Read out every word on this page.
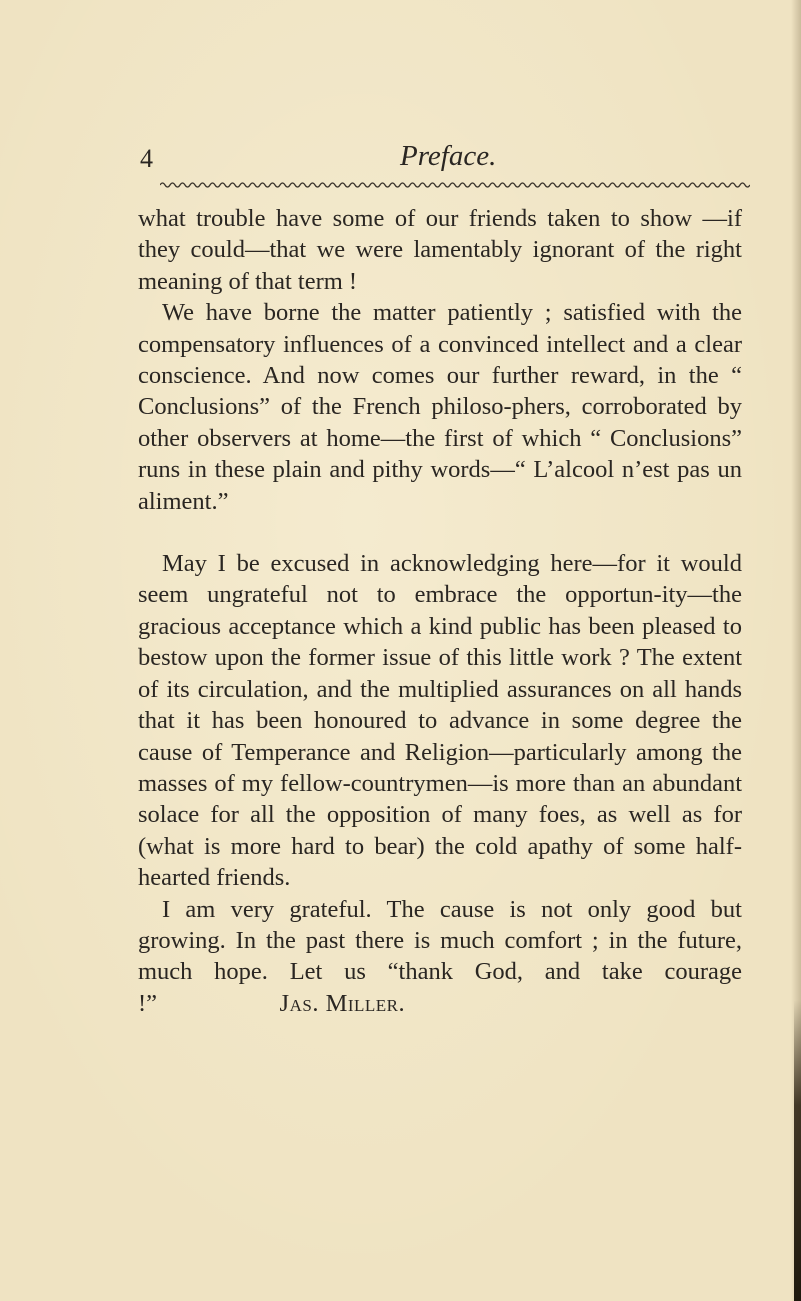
4	Preface.

what trouble have some of our friends taken to show —if they could—that we were lamentably ignorant of the right meaning of that term !

We have borne the matter patiently ; satisfied with the compensatory influences of a convinced intellect and a clear conscience. And now comes our further reward, in the “ Conclusions” of the French philoso-phers, corroborated by other observers at home—the first of which “ Conclusions” runs in these plain and pithy words—“ L’alcool n’est pas un aliment.”

May I be excused in acknowledging here—for it would seem ungrateful not to embrace the opportun-ity—the gracious acceptance which a kind public has been pleased to bestow upon the former issue of this little work ? The extent of its circulation, and the multiplied assurances on all hands that it has been honoured to advance in some degree the cause of Temperance and Religion—particularly among the masses of my fellow-countrymen—is more than an abundant solace for all the opposition of many foes, as well as for (what is more hard to bear) the cold apathy of some half-hearted friends.

I am very grateful. The cause is not only good but growing. In the past there is much comfort ; in the future, much hope. Let us “thank God, and take courage !”     	Jas. Miller.
